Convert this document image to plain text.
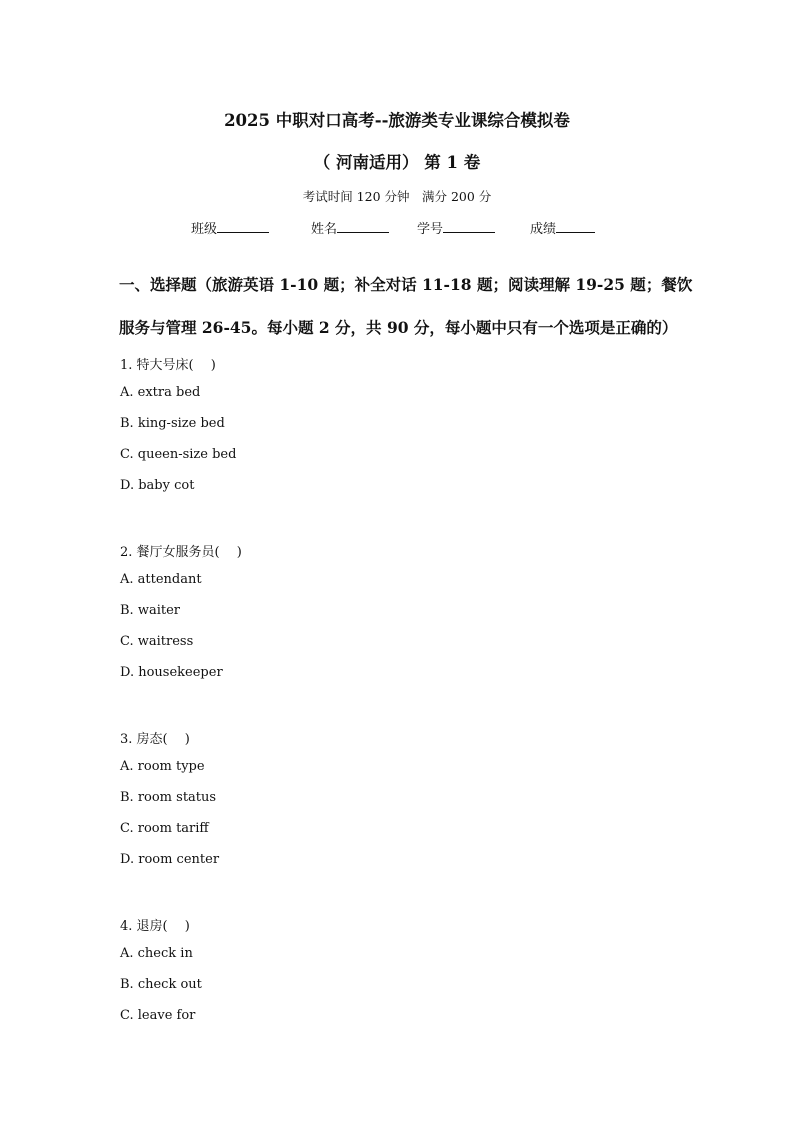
2025 中职对口高考--旅游类专业课综合模拟卷
（ 河南适用） 第 1 卷
考试时间 120 分钟　满分 200 分
班级	姓名	学号	成绩
一、选择题（旅游英语 1-10 题；补全对话 11-18 题；阅读理解 19-25 题；餐饮
服务与管理 26-45。每小题 2 分，共 90 分，每小题中只有一个选项是正确的）
1. 特大号床(　 )
A. extra bed
B. king-size bed
C. queen-size bed
D. baby cot
2. 餐厅女服务员(　 )
A. attendant
B. waiter
C. waitress
D. housekeeper
3. 房态(　 )
A. room type
B. room status
C. room tariff
D. room center
4. 退房(　 )
A. check in
B. check out
C. leave for
